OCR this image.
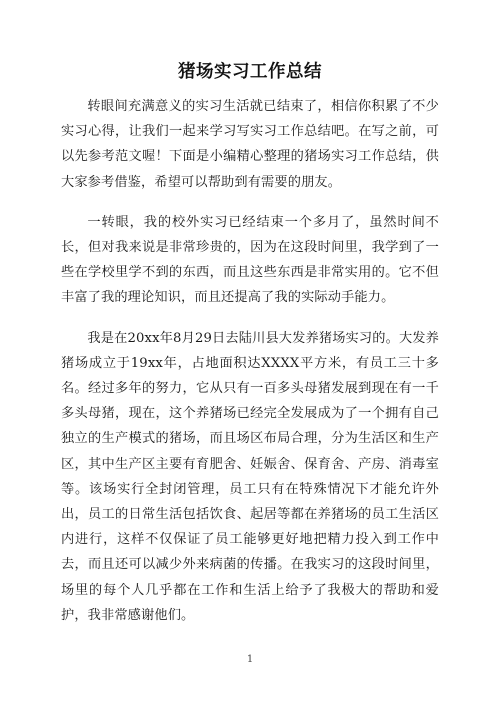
猪场实习工作总结

转眼间充满意义的实习生活就已结束了，相信你积累了不少实习心得，让我们一起来学习写实习工作总结吧。在写之前，可以先参考范文喔！下面是小编精心整理的猪场实习工作总结，供大家参考借鉴，希望可以帮助到有需要的朋友。

一转眼，我的校外实习已经结束一个多月了，虽然时间不长，但对我来说是非常珍贵的，因为在这段时间里，我学到了一些在学校里学不到的东西，而且这些东西是非常实用的。它不但丰富了我的理论知识，而且还提高了我的实际动手能力。

我是在20xx年8月29日去陆川县大发养猪场实习的。大发养猪场成立于19xx年，占地面积达XXXX平方米，有员工三十多名。经过多年的努力，它从只有一百多头母猪发展到现在有一千多头母猪，现在，这个养猪场已经完全发展成为了一个拥有自己独立的生产模式的猪场，而且场区布局合理，分为生活区和生产区，其中生产区主要有育肥舍、妊娠舍、保育舍、产房、消毒室等。该场实行全封闭管理，员工只有在特殊情况下才能允许外出，员工的日常生活包括饮食、起居等都在养猪场的员工生活区内进行，这样不仅保证了员工能够更好地把精力投入到工作中去，而且还可以减少外来病菌的传播。在我实习的这段时间里，场里的每个人几乎都在工作和生活上给予了我极大的帮助和爱护，我非常感谢他们。

1
